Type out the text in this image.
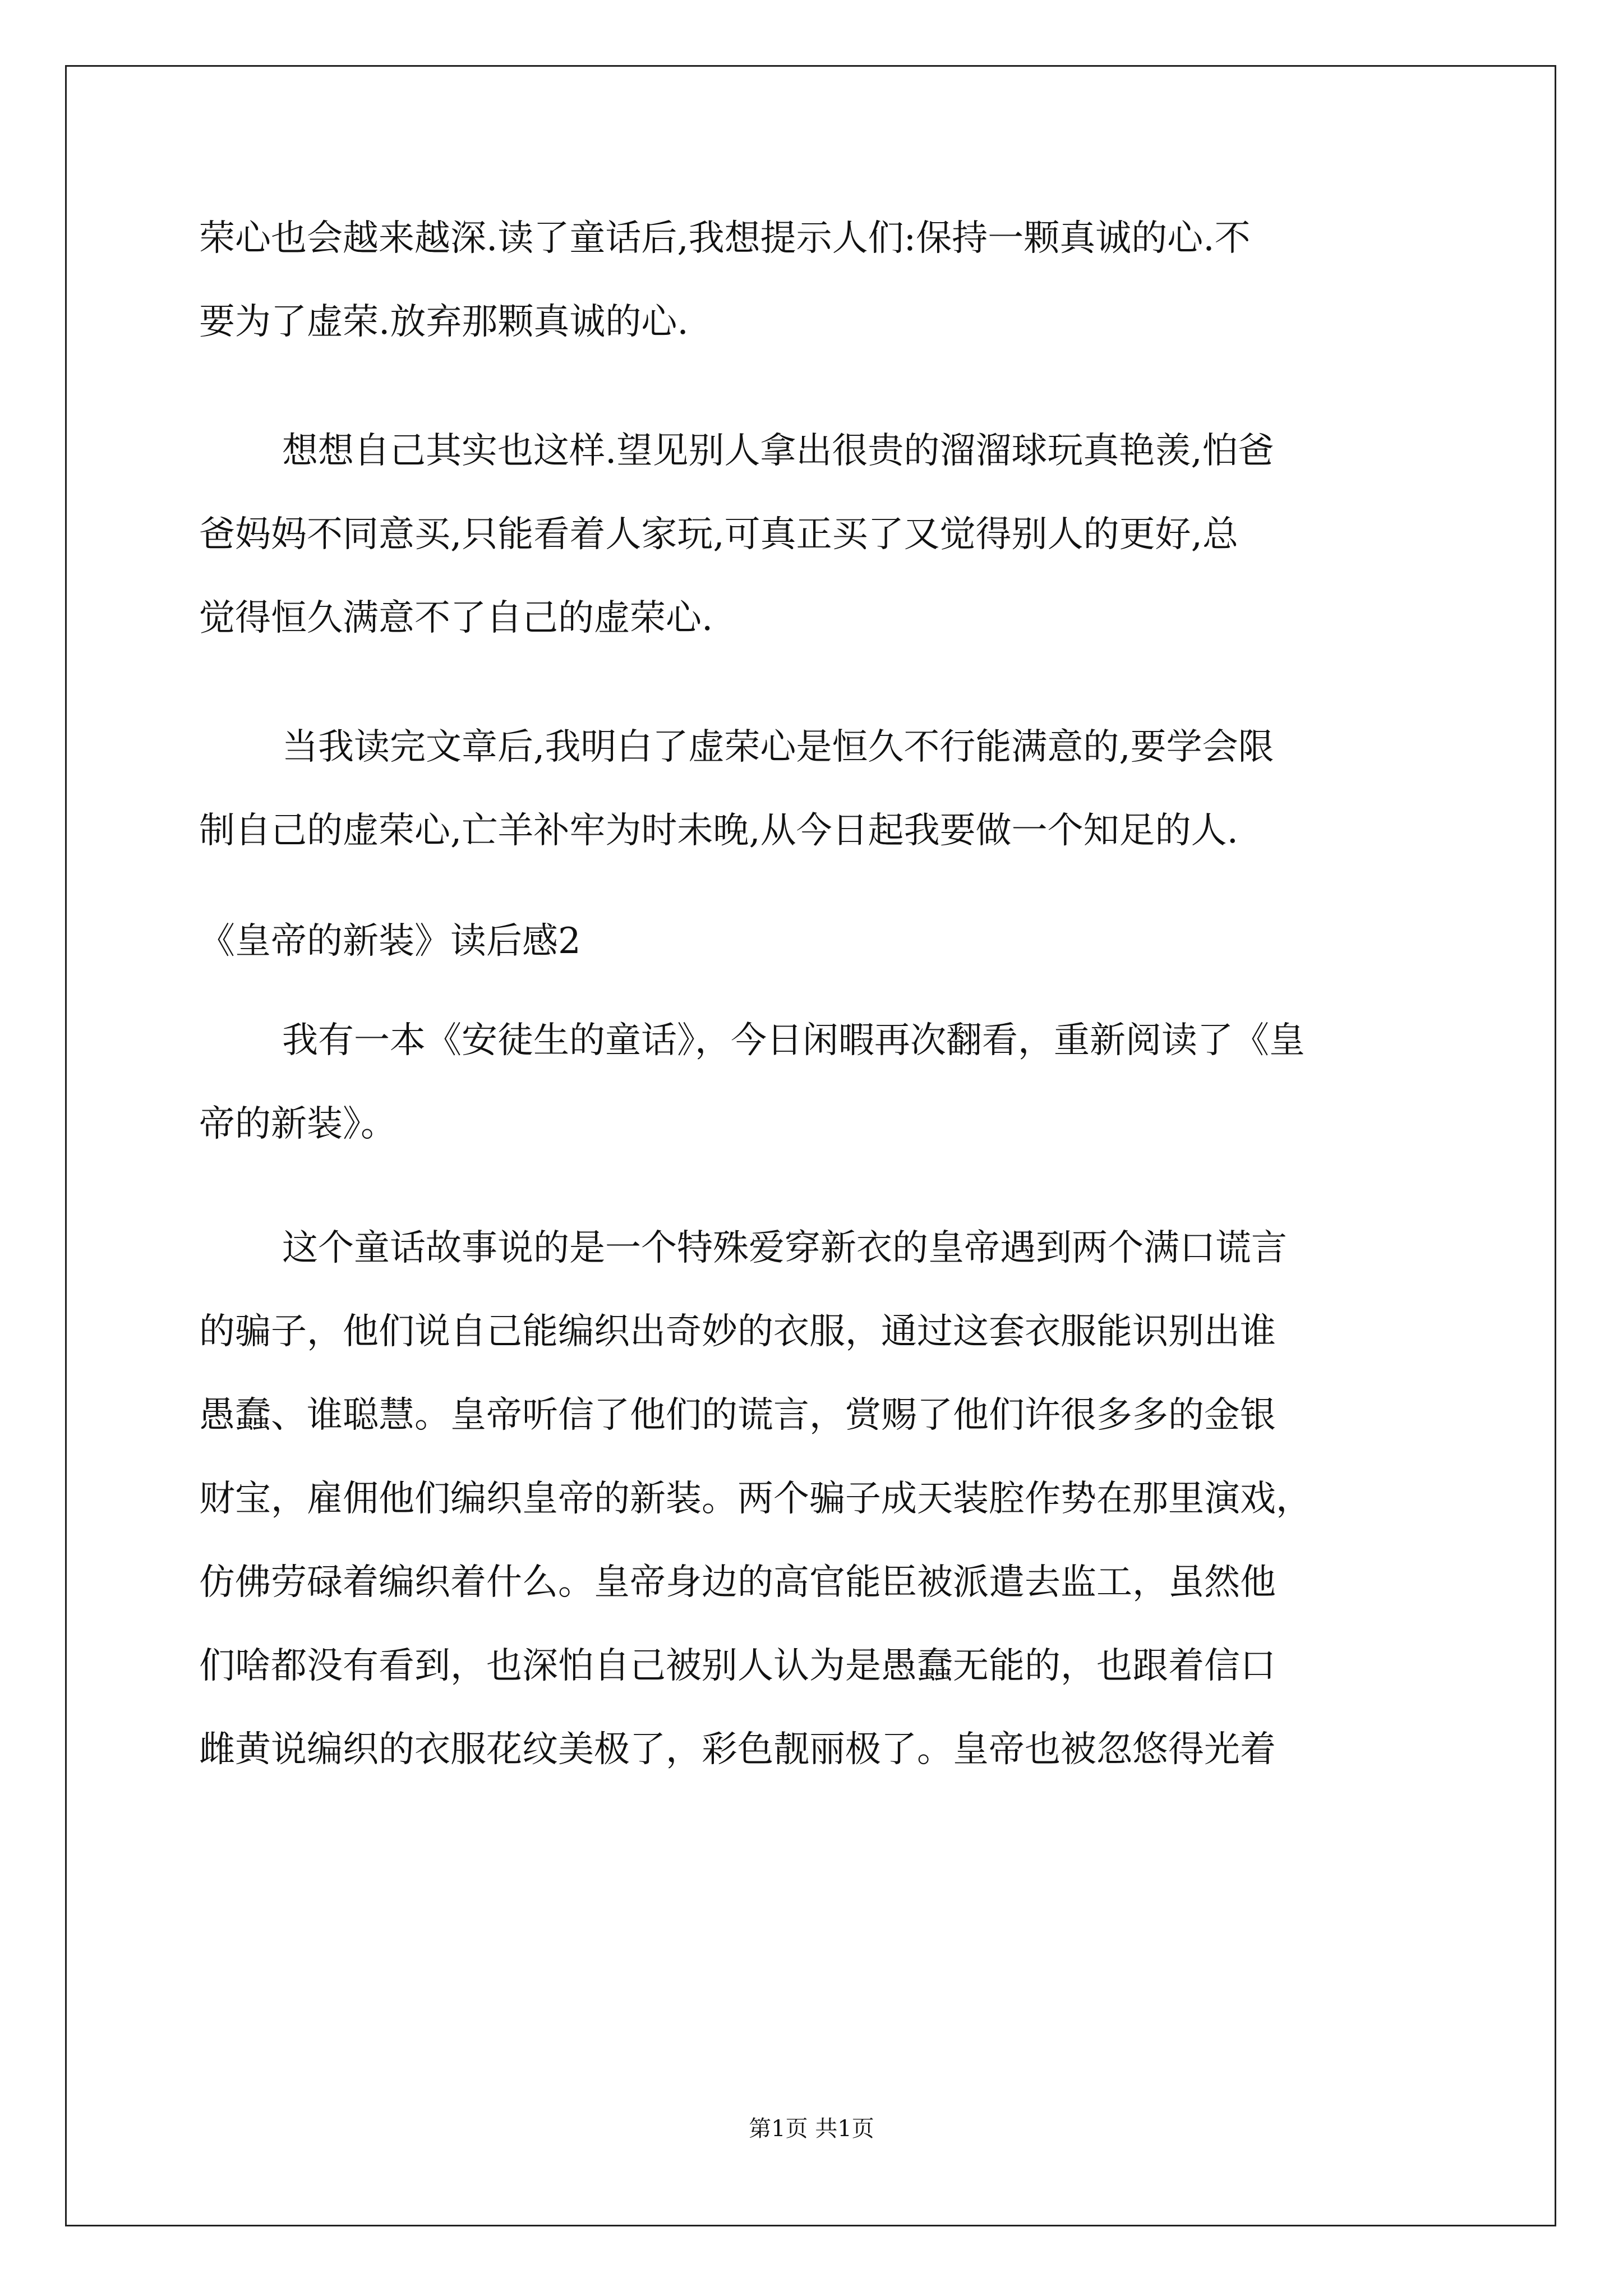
荣心也会越来越深.读了童话后,我想提示人们:保持一颗真诚的心.不
要为了虚荣.放弃那颗真诚的心.
想想自己其实也这样.望见别人拿出很贵的溜溜球玩真艳羡,怕爸
爸妈妈不同意买,只能看着人家玩,可真正买了又觉得别人的更好,总
觉得恒久满意不了自己的虚荣心.
当我读完文章后,我明白了虚荣心是恒久不行能满意的,要学会限
制自己的虚荣心,亡羊补牢为时未晚,从今日起我要做一个知足的人.
《皇帝的新装》读后感2
我有一本《安徒生的童话》，今日闲暇再次翻看，重新阅读了《皇
帝的新装》。
这个童话故事说的是一个特殊爱穿新衣的皇帝遇到两个满口谎言
的骗子，他们说自己能编织出奇妙的衣服，通过这套衣服能识别出谁
愚蠢、谁聪慧。皇帝听信了他们的谎言，赏赐了他们许很多多的金银
财宝，雇佣他们编织皇帝的新装。两个骗子成天装腔作势在那里演戏，
仿佛劳碌着编织着什么。皇帝身边的高官能臣被派遣去监工，虽然他
们啥都没有看到，也深怕自己被别人认为是愚蠢无能的，也跟着信口
雌黄说编织的衣服花纹美极了，彩色靓丽极了。皇帝也被忽悠得光着
第1页 共1页
